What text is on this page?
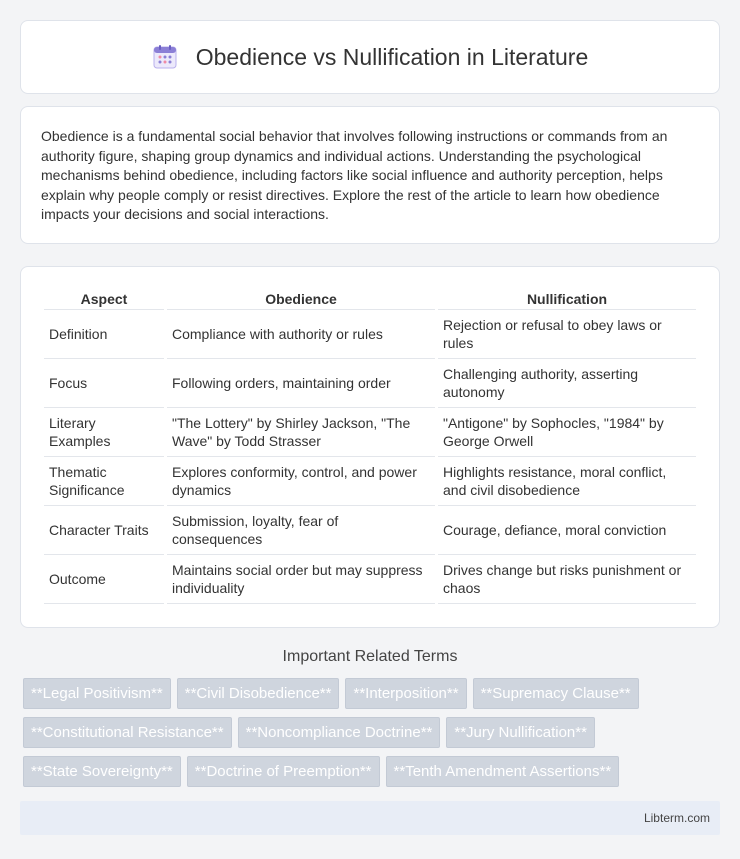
Obedience vs Nullification in Literature

Obedience is a fundamental social behavior that involves following instructions or commands from an authority figure, shaping group dynamics and individual actions. Understanding the psychological mechanisms behind obedience, including factors like social influence and authority perception, helps explain why people comply or resist directives. Explore the rest of the article to learn how obedience impacts your decisions and social interactions.

Aspect	Obedience	Nullification
Definition	Compliance with authority or rules	Rejection or refusal to obey laws or rules
Focus	Following orders, maintaining order	Challenging authority, asserting autonomy
Literary Examples	"The Lottery" by Shirley Jackson, "The Wave" by Todd Strasser	"Antigone" by Sophocles, "1984" by George Orwell
Thematic Significance	Explores conformity, control, and power dynamics	Highlights resistance, moral conflict, and civil disobedience
Character Traits	Submission, loyalty, fear of consequences	Courage, defiance, moral conviction
Outcome	Maintains social order but may suppress individuality	Drives change but risks punishment or chaos
Important Related Terms
**Legal Positivism**	**Civil Disobedience**	**Interposition**	**Supremacy Clause**
**Constitutional Resistance**	**Noncompliance Doctrine**	**Jury Nullification**
**State Sovereignty**	**Doctrine of Preemption**	**Tenth Amendment Assertions**
Libterm.com
